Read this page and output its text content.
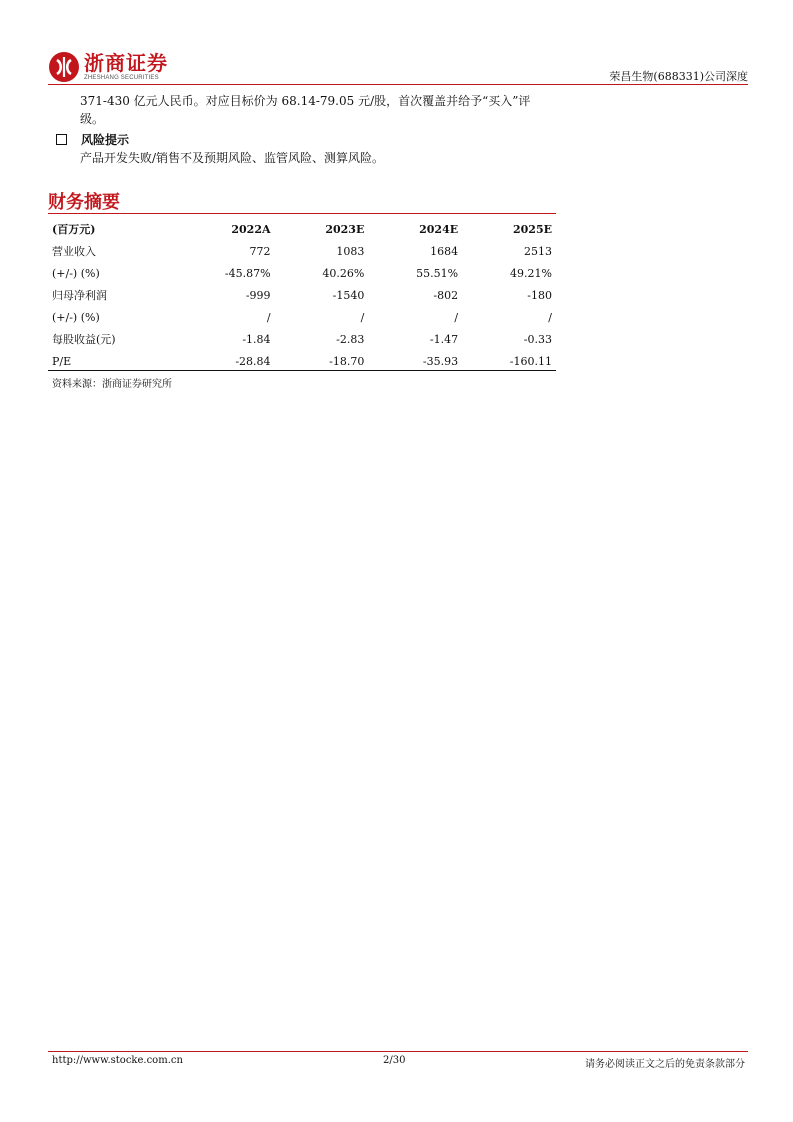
浙商证券
ZHESHANG SECURITIES	荣昌生物(688331)公司深度
371-430 亿元人民币。对应目标价为 68.14-79.05 元/股，首次覆盖并给予“买入”评
级。
风险提示
产品开发失败/销售不及预期风险、监管风险、测算风险。
财务摘要
(百万元)	2022A	2023E	2024E	2025E
营业收入	772	1083	1684	2513
(+/-) (%)	-45.87%	40.26%	55.51%	49.21%
归母净利润	-999	-1540	-802	-180
(+/-) (%)	/	/	/	/
每股收益(元)	-1.84	-2.83	-1.47	-0.33
P/E	-28.84	-18.70	-35.93	-160.11
资料来源：浙商证券研究所
http://www.stocke.com.cn	2/30	请务必阅读正文之后的免责条款部分
